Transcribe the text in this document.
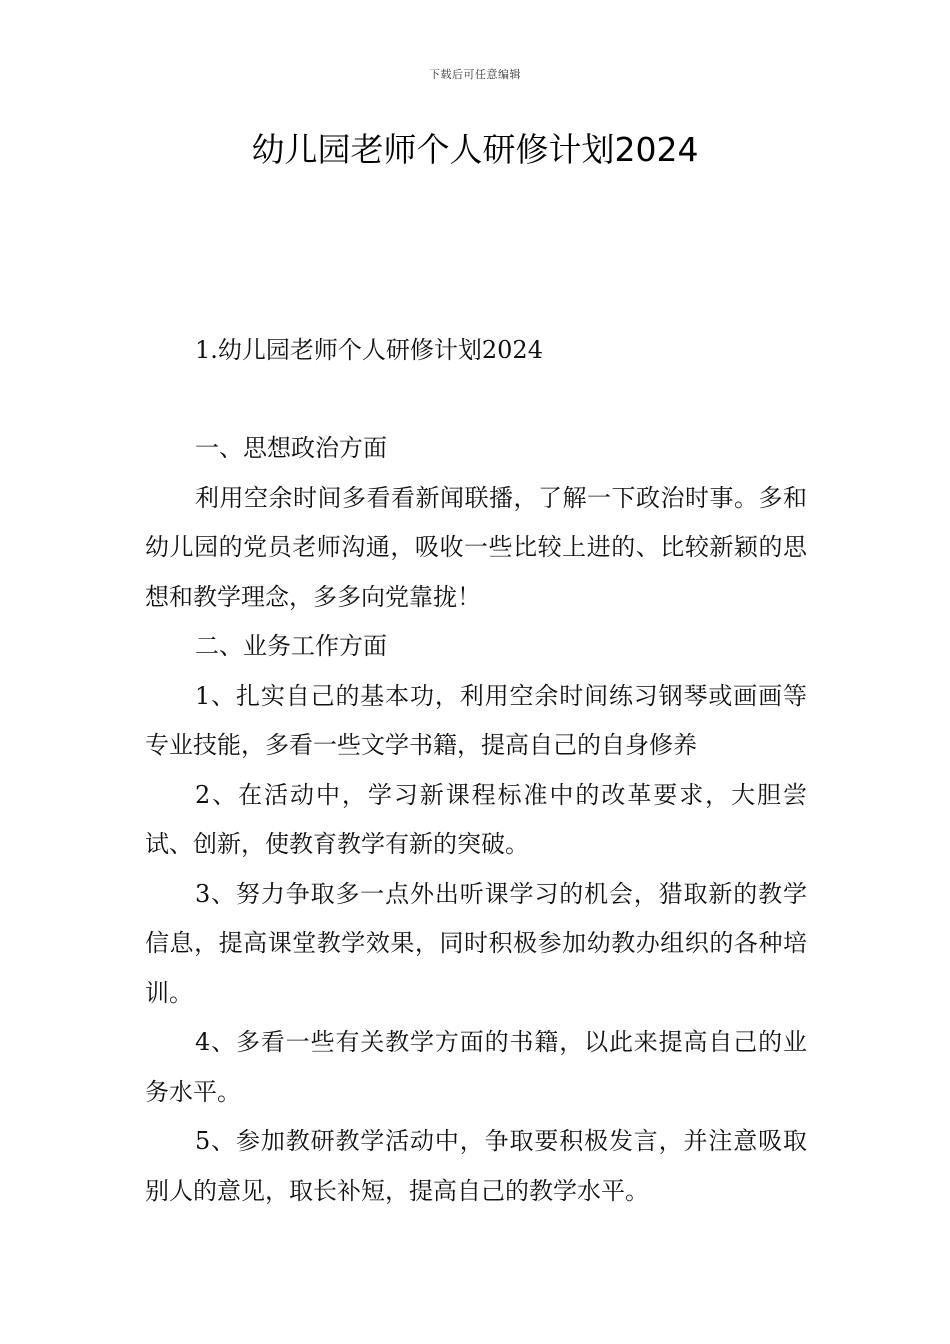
下载后可任意编辑
幼儿园老师个人研修计划2024
1.幼儿园老师个人研修计划2024

一、思想政治方面

利用空余时间多看看新闻联播，了解一下政治时事。多和幼儿园的党员老师沟通，吸收一些比较上进的、比较新颖的思想和教学理念，多多向党靠拢！

二、业务工作方面

1、扎实自己的基本功，利用空余时间练习钢琴或画画等专业技能，多看一些文学书籍，提高自己的自身修养

2、在活动中，学习新课程标准中的改革要求，大胆尝试、创新，使教育教学有新的突破。

3、努力争取多一点外出听课学习的机会，猎取新的教学信息，提高课堂教学效果，同时积极参加幼教办组织的各种培训。

4、多看一些有关教学方面的书籍，以此来提高自己的业务水平。

5、参加教研教学活动中，争取要积极发言，并注意吸取别人的意见，取长补短，提高自己的教学水平。
